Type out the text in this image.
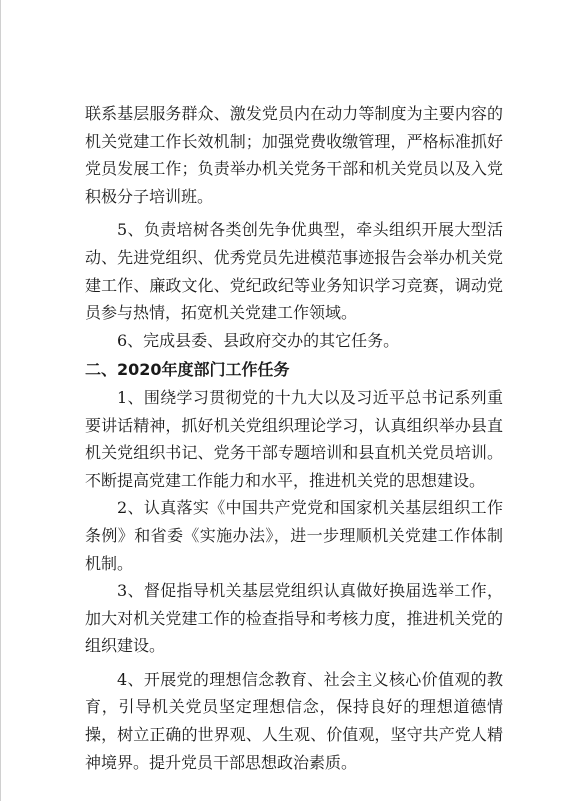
联系基层服务群众、激发党员内在动力等制度为主要内容的机关党建工作长效机制；加强党费收缴管理，严格标准抓好党员发展工作；负责举办机关党务干部和机关党员以及入党积极分子培训班。

5、负责培树各类创先争优典型，牵头组织开展大型活动、先进党组织、优秀党员先进模范事迹报告会举办机关党建工作、廉政文化、党纪政纪等业务知识学习竞赛，调动党员参与热情，拓宽机关党建工作领域。

6、完成县委、县政府交办的其它任务。

二、2020年度部门工作任务

1、围绕学习贯彻党的十九大以及习近平总书记系列重要讲话精神，抓好机关党组织理论学习，认真组织举办县直机关党组织书记、党务干部专题培训和县直机关党员培训。不断提高党建工作能力和水平，推进机关党的思想建设。

2、认真落实《中国共产党党和国家机关基层组织工作条例》和省委《实施办法》，进一步理顺机关党建工作体制机制。

3、督促指导机关基层党组织认真做好换届选举工作，加大对机关党建工作的检查指导和考核力度，推进机关党的组织建设。

4、开展党的理想信念教育、社会主义核心价值观的教育，引导机关党员坚定理想信念，保持良好的理想道德情操，树立正确的世界观、人生观、价值观，坚守共产党人精神境界。提升党员干部思想政治素质。
